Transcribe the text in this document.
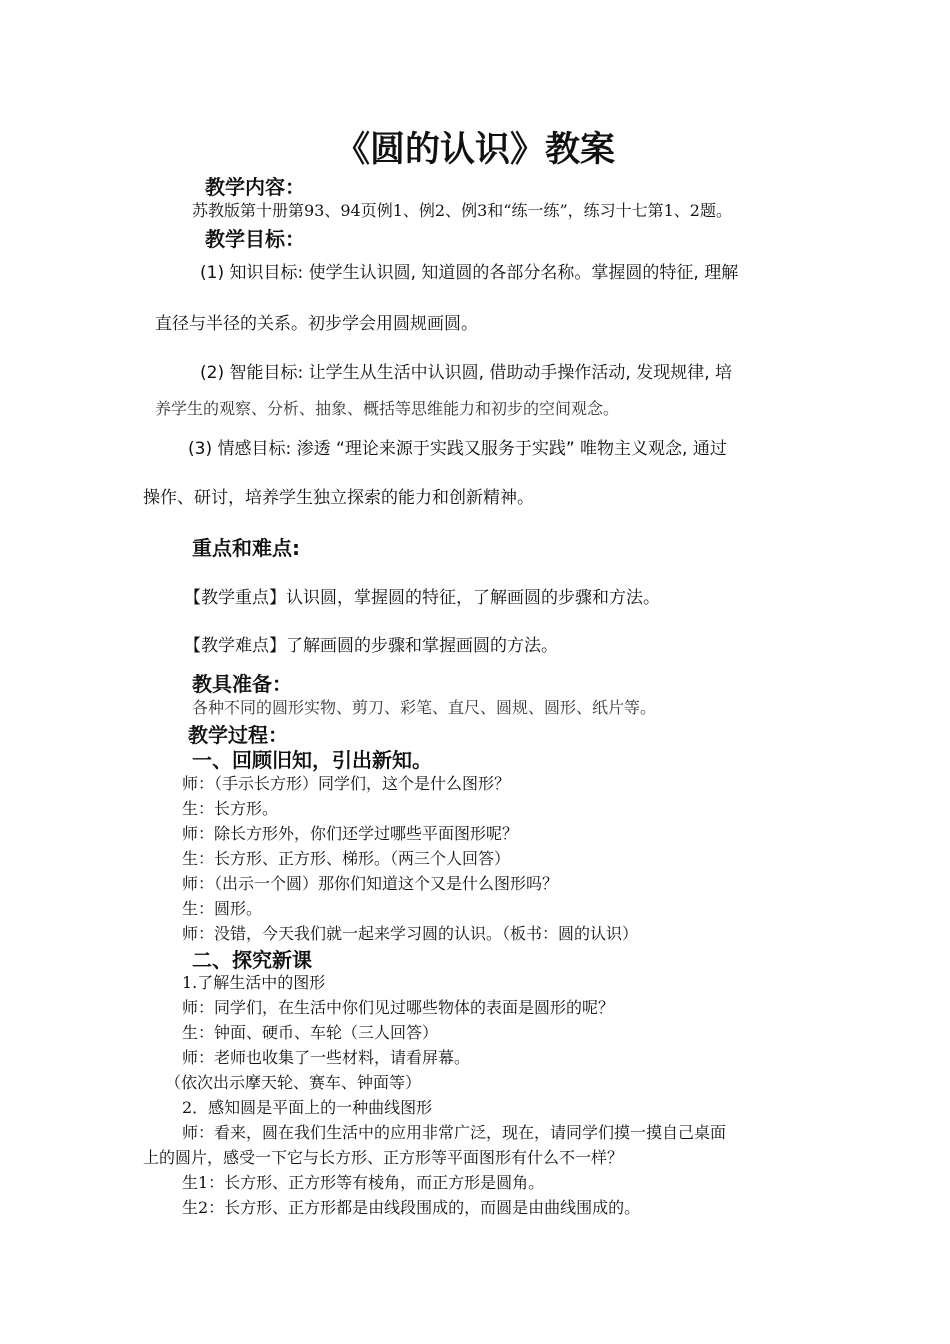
《圆的认识》教案
教学内容：
苏教版第十册第93、94页例1、例2、例3和“练一练”，练习十七第1、2题。
教学目标：
(1) 知识目标: 使学生认识圆, 知道圆的各部分名称。掌握圆的特征, 理解
直径与半径的关系。初步学会用圆规画圆。
(2) 智能目标: 让学生从生活中认识圆, 借助动手操作活动, 发现规律, 培
养学生的观察、分析、抽象、概括等思维能力和初步的空间观念。
(3) 情感目标: 渗透 “理论来源于实践又服务于实践” 唯物主义观念, 通过
操作、研讨，培养学生独立探索的能力和创新精神。
重点和难点:
【教学重点】认识圆，掌握圆的特征，了解画圆的步骤和方法。
【教学难点】了解画圆的步骤和掌握画圆的方法。
教具准备：
各种不同的圆形实物、剪刀、彩笔、直尺、圆规、圆形、纸片等。
教学过程：
一、回顾旧知，引出新知。
师：（手示长方形）同学们，这个是什么图形？
生：长方形。
师：除长方形外，你们还学过哪些平面图形呢？
生：长方形、正方形、梯形。（两三个人回答）
师：（出示一个圆）那你们知道这个又是什么图形吗？
生：圆形。
师：没错，今天我们就一起来学习圆的认识。（板书：圆的认识）
二、探究新课
1.了解生活中的图形
师：同学们，在生活中你们见过哪些物体的表面是圆形的呢？
生：钟面、硬币、车轮（三人回答）
师：老师也收集了一些材料，请看屏幕。
（依次出示摩天轮、赛车、钟面等）
2．感知圆是平面上的一种曲线图形
师：看来，圆在我们生活中的应用非常广泛，现在，请同学们摸一摸自己桌面
上的圆片，感受一下它与长方形、正方形等平面图形有什么不一样？
生1：长方形、正方形等有棱角，而正方形是圆角。
生2：长方形、正方形都是由线段围成的，而圆是由曲线围成的。
